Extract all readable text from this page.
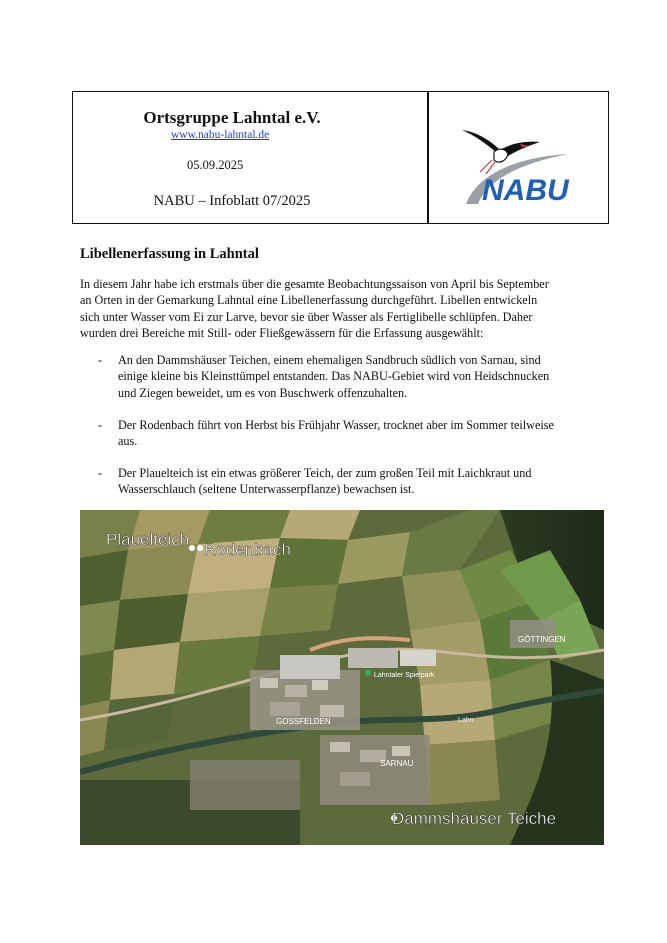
Ortsgruppe Lahntal e.V.
www.nabu-lahntal.de
05.09.2025
NABU – Infoblatt 07/2025	NABU
Libellenerfassung in Lahntal
In diesem Jahr habe ich erstmals über die gesamte Beobachtungssaison von April bis September
an Orten in der Gemarkung Lahntal eine Libellenerfassung durchgeführt. Libellen entwickeln
sich unter Wasser vom Ei zur Larve, bevor sie über Wasser als Fertiglibelle schlüpfen. Daher
wurden drei Bereiche mit Still- oder Fließgewässern für die Erfassung ausgewählt:
- An den Dammshäuser Teichen, einem ehemaligen Sandbruch südlich von Sarnau, sind
einige kleine bis Kleinsttümpel entstanden. Das NABU-Gebiet wird von Heidschnucken
und Ziegen beweidet, um es von Buschwerk offenzuhalten.
- Der Rodenbach führt von Herbst bis Frühjahr Wasser, trocknet aber im Sommer teilweise
aus.
- Der Plauelteich ist ein etwas größerer Teich, der zum großen Teil mit Laichkraut und
Wasserschlauch (seltene Unterwasserpflanze) bewachsen ist.
Plauelteich
Rodenbach
Dammshäuser Teiche
GÖTTINGEN
GOSSFELDEN
SARNAU
Lahn
Lahntaler Spielpark
